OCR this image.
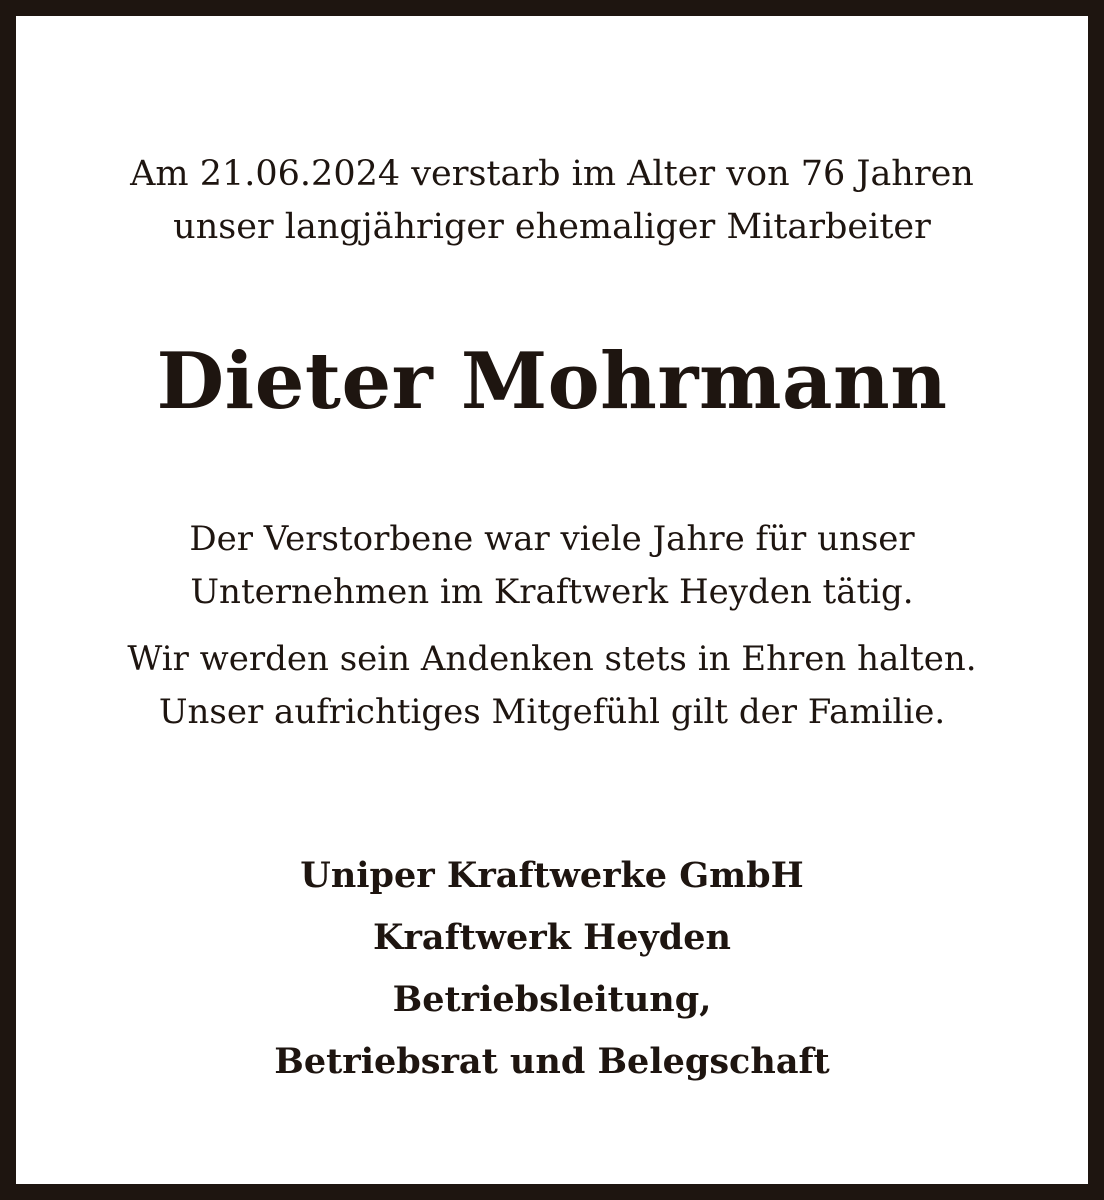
Am 21.06.2024 verstarb im Alter von 76 Jahren
unser langjähriger ehemaliger Mitarbeiter
Dieter Mohrmann

Der Verstorbene war viele Jahre für unser
Unternehmen im Kraftwerk Heyden tätig.

Wir werden sein Andenken stets in Ehren halten.
Unser aufrichtiges Mitgefühl gilt der Familie.

Uniper Kraftwerke GmbH
Kraftwerk Heyden
Betriebsleitung,
Betriebsrat und Belegschaft
